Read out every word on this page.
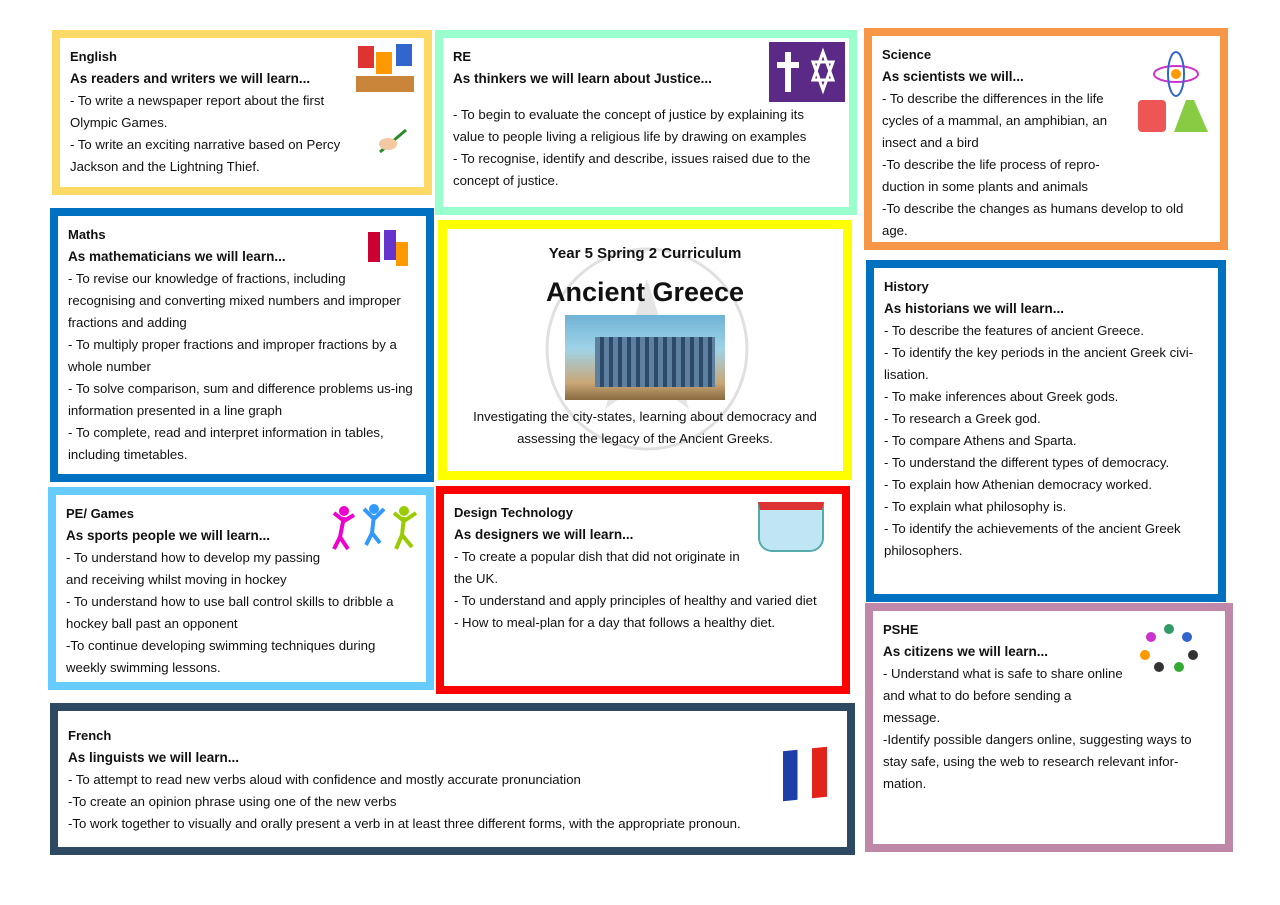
English
As readers and writers we will learn...

- To write a newspaper report about the first Olympic Games.

- To write an exciting narrative based on Percy Jackson and the Lightning Thief.

RE
As thinkers we will learn about Justice...

- To begin to evaluate the concept of justice by explaining its value to people living a religious life by drawing on examples

- To recognise, identify and describe, issues raised due to the concept of justice.

Science
As scientists we will...

- To describe the differences in the life cycles of a mammal, an amphibian, an insect and a bird

-To describe the life process of repro-duction in some plants and animals

-To describe the changes as humans develop to old age.

Maths
As mathematicians we will learn...

- To revise our knowledge of fractions, including recognising and converting mixed numbers and improper fractions and adding

- To multiply proper fractions and improper fractions by a whole number

- To solve comparison, sum and difference problems us-ing information presented in a line graph

- To complete, read and interpret information in tables, including timetables.

Year 5 Spring 2 Curriculum
Ancient Greece
Investigating the city-states, learning about democracy and assessing the legacy of the Ancient Greeks.
History
As historians we will learn...

- To describe the features of ancient Greece.

- To identify the key periods in the ancient Greek civi-lisation.

- To make inferences about Greek gods.

- To research a Greek god.

- To compare Athens and Sparta.

- To understand the different types of democracy.

- To explain how Athenian democracy worked.

- To explain what philosophy is.

- To identify the achievements of the ancient Greek philosophers.

PE/ Games
As sports people we will learn...

- To understand how to develop my passing and receiving whilst moving in hockey

- To understand how to use ball control skills to dribble a hockey ball past an opponent

-To continue developing swimming techniques during weekly swimming lessons.

Design Technology
As designers we will learn...

- To create a popular dish that did not originate in the UK.

- To understand and apply principles of healthy and varied diet

- How to meal-plan for a day that follows a healthy diet.	PSHE
As citizens we will learn...

- Understand what is safe to share online and what to do before sending a message.

-Identify possible dangers online, suggesting ways to stay safe, using the web to research relevant infor-mation.

French
As linguists we will learn...

- To attempt to read new verbs aloud with confidence and mostly accurate pronunciation

-To create an opinion phrase using one of the new verbs

-To work together to visually and orally present a verb in at least three different forms, with the appropriate pronoun.
